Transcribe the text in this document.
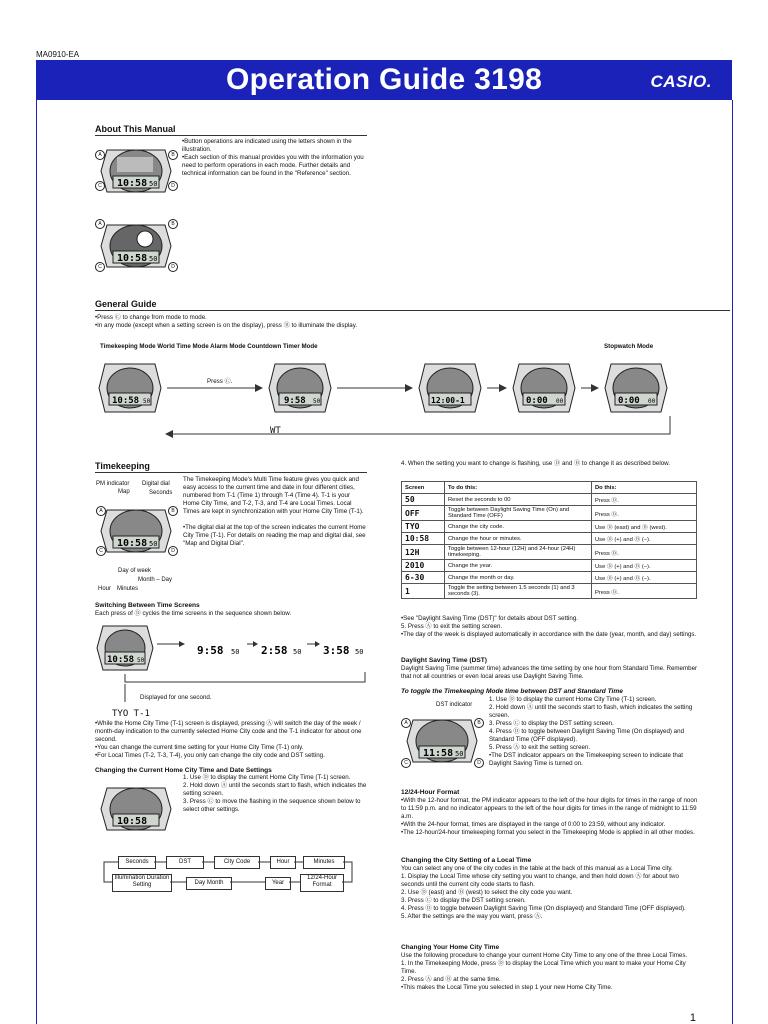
MA0910-EA
Operation Guide 3198	CASIO.
1
About This Manual
10:58 50
A	B
C	D
10:58 50
A	B
C	D
•Button operations are indicated using the letters shown in the illustration.
•Each section of this manual provides you with the information you need to perform operations in each mode. Further details and technical information can be found in the "Reference" section.
General Guide
•Press Ⓒ to change from mode to mode.
•In any mode (except when a setting screen is on the display), press Ⓑ to illuminate the display.
Timekeeping Mode World Time Mode Alarm Mode Countdown Timer Mode	Stopwatch Mode
10:58 50	9:58 50	12:00-1	0:00 00	0:00 00
Press Ⓒ.
WT
Timekeeping
PM indicator
Map
Digital dial
Seconds
10:58 50
A	B
C	D
Day of week
Month – Day
Hour Minutes
The Timekeeping Mode's Multi Time feature gives you quick and easy access to the current time and date in four different cities, numbered from T-1 (Time 1) through T-4 (Time 4). T-1 is your Home City Time, and T-2, T-3, and T-4 are Local Times. Local Times are kept in synchronization with your Home City Time (T-1).
•The digital dial at the top of the screen indicates the current Home City Time (T-1). For details on reading the map and digital dial, see "Map and Digital Dial".
Switching Between Time Screens
Each press of Ⓓ cycles the time screens in the sequence shown below.
10:58 50
9:58 50 2:58 50 3:58 50
Displayed for one second.
TYO T-1
•While the Home City Time (T-1) screen is displayed, pressing Ⓐ will switch the day of the week / month-day indication to the currently selected Home City code and the T-1 indicator for about one second.
•You can change the current time setting for your Home City Time (T-1) only.
•For Local Times (T-2, T-3, T-4), you only can change the city code and DST setting.
Changing the Current Home City Time and Date Settings
10:58
1. Use Ⓓ to display the current Home City Time (T-1) screen.
2. Hold down Ⓐ until the seconds start to flash, which indicates the setting screen.
3. Press Ⓒ to move the flashing in the sequence shown below to select other settings.
Seconds	DST	City Code	Hour	Minutes
Illumination Duration Setting	Day Month	Year
12/24-Hour Format
4. When the setting you want to change is flashing, use Ⓓ and Ⓑ to change it as described below.
Screen	To do this:	Do this:
50	Reset the seconds to 00	Press Ⓓ.
OFF	Toggle between Daylight Saving Time (On) and Standard Time (OFF)	Press Ⓓ.
TYO	Change the city code.	Use Ⓓ (east) and Ⓑ (west).
10:58	Change the hour or minutes.	Use Ⓓ (+) and Ⓑ (–).
12H	Toggle between 12-hour (12H) and 24-hour (24H) timekeeping.	Press Ⓓ.
2010	Change the year.	Use Ⓓ (+) and Ⓑ (–).
6-30	Change the month or day.	Use Ⓓ (+) and Ⓑ (–).
1	Toggle the setting between 1.5 seconds (1) and 3 seconds (3).	Press Ⓓ.
•See "Daylight Saving Time (DST)" for details about DST setting.
5. Press Ⓐ to exit the setting screen.
•The day of the week is displayed automatically in accordance with the date (year, month, and day) settings.
Daylight Saving Time (DST)
Daylight Saving Time (summer time) advances the time setting by one hour from Standard Time. Remember that not all countries or even local areas use Daylight Saving Time.
To toggle the Timekeeping Mode time between DST and Standard Time
DST indicator
11:58 50
A	B
C	D
1. Use Ⓓ to display the current Home City Time (T-1) screen.
2. Hold down Ⓐ until the seconds start to flash, which indicates the setting screen.
3. Press Ⓒ to display the DST setting screen.
4. Press Ⓓ to toggle between Daylight Saving Time (On displayed) and Standard Time (OFF displayed).
5. Press Ⓐ to exit the setting screen.
•The DST indicator appears on the Timekeeping screen to indicate that Daylight Saving Time is turned on.
12/24-Hour Format
•With the 12-hour format, the PM indicator appears to the left of the hour digits for times in the range of noon to 11:59 p.m. and no indicator appears to the left of the hour digits for times in the range of midnight to 11:59 a.m.
•With the 24-hour format, times are displayed in the range of 0:00 to 23:59, without any indicator.
•The 12-hour/24-hour timekeeping format you select in the Timekeeping Mode is applied in all other modes.
Changing the City Setting of a Local Time
You can select any one of the city codes in the table at the back of this manual as a Local Time city.
1. Display the Local Time whose city setting you want to change, and then hold down Ⓐ for about two seconds until the current city code starts to flash.
2. Use Ⓓ (east) and Ⓑ (west) to select the city code you want.
3. Press Ⓒ to display the DST setting screen.
4. Press Ⓓ to toggle between Daylight Saving Time (On displayed) and Standard Time (OFF displayed).
5. After the settings are the way you want, press Ⓐ.
Changing Your Home City Time
Use the following procedure to change your current Home City Time to any one of the three Local Times.
1. In the Timekeeping Mode, press Ⓓ to display the Local Time which you want to make your Home City Time.
2. Press Ⓐ and Ⓑ at the same time.
•This makes the Local Time you selected in step 1 your new Home City Time.
